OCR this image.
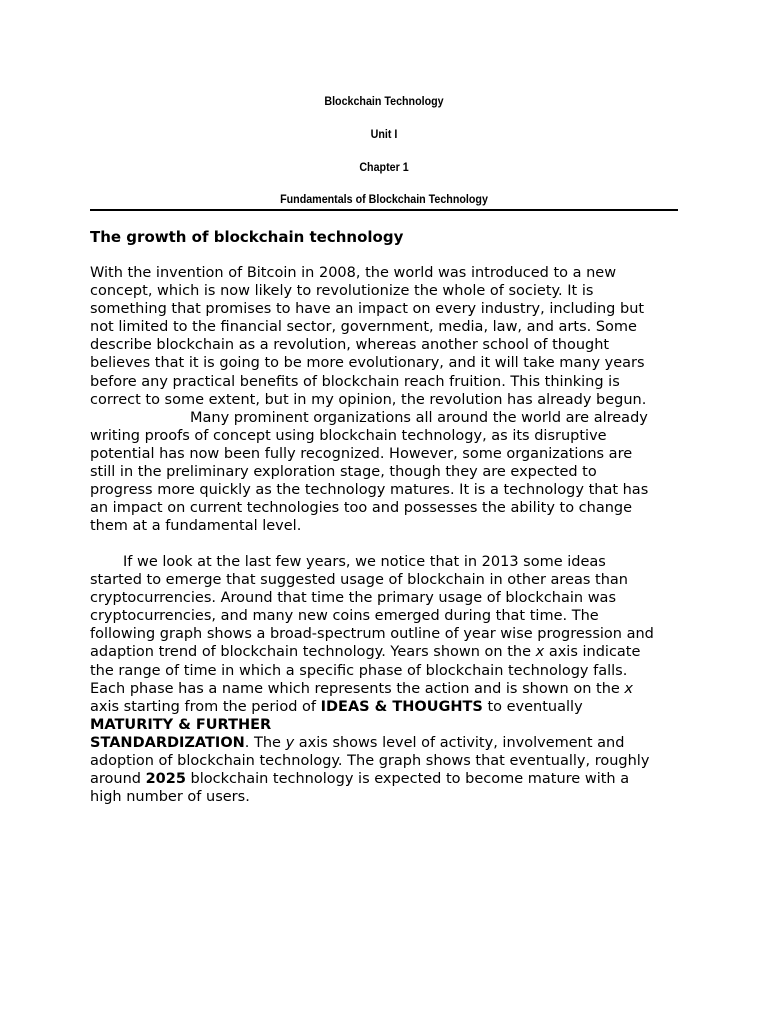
Blockchain Technology
Unit I
Chapter 1
Fundamentals of Blockchain Technology
The growth of blockchain technology
With the invention of Bitcoin in 2008, the world was introduced to a new
concept, which is now likely to revolutionize the whole of society. It is
something that promises to have an impact on every industry, including but
not limited to the financial sector, government, media, law, and arts. Some
describe blockchain as a revolution, whereas another school of thought
believes that it is going to be more evolutionary, and it will take many years
before any practical benefits of blockchain reach fruition. This thinking is
correct to some extent, but in my opinion, the revolution has already begun.
Many prominent organizations all around the world are already
writing proofs of concept using blockchain technology, as its disruptive
potential has now been fully recognized. However, some organizations are
still in the preliminary exploration stage, though they are expected to
progress more quickly as the technology matures. It is a technology that has
an impact on current technologies too and possesses the ability to change
them at a fundamental level.
If we look at the last few years, we notice that in 2013 some ideas
started to emerge that suggested usage of blockchain in other areas than
cryptocurrencies. Around that time the primary usage of blockchain was
cryptocurrencies, and many new coins emerged during that time. The
following graph shows a broad-spectrum outline of year wise progression and
adaption trend of blockchain technology. Years shown on the x axis indicate
the range of time in which a specific phase of blockchain technology falls.
Each phase has a name which represents the action and is shown on the x
axis starting from the period of IDEAS & THOUGHTS to eventually
MATURITY & FURTHER
STANDARDIZATION. The y axis shows level of activity, involvement and
adoption of blockchain technology. The graph shows that eventually, roughly
around 2025 blockchain technology is expected to become mature with a
high number of users.
